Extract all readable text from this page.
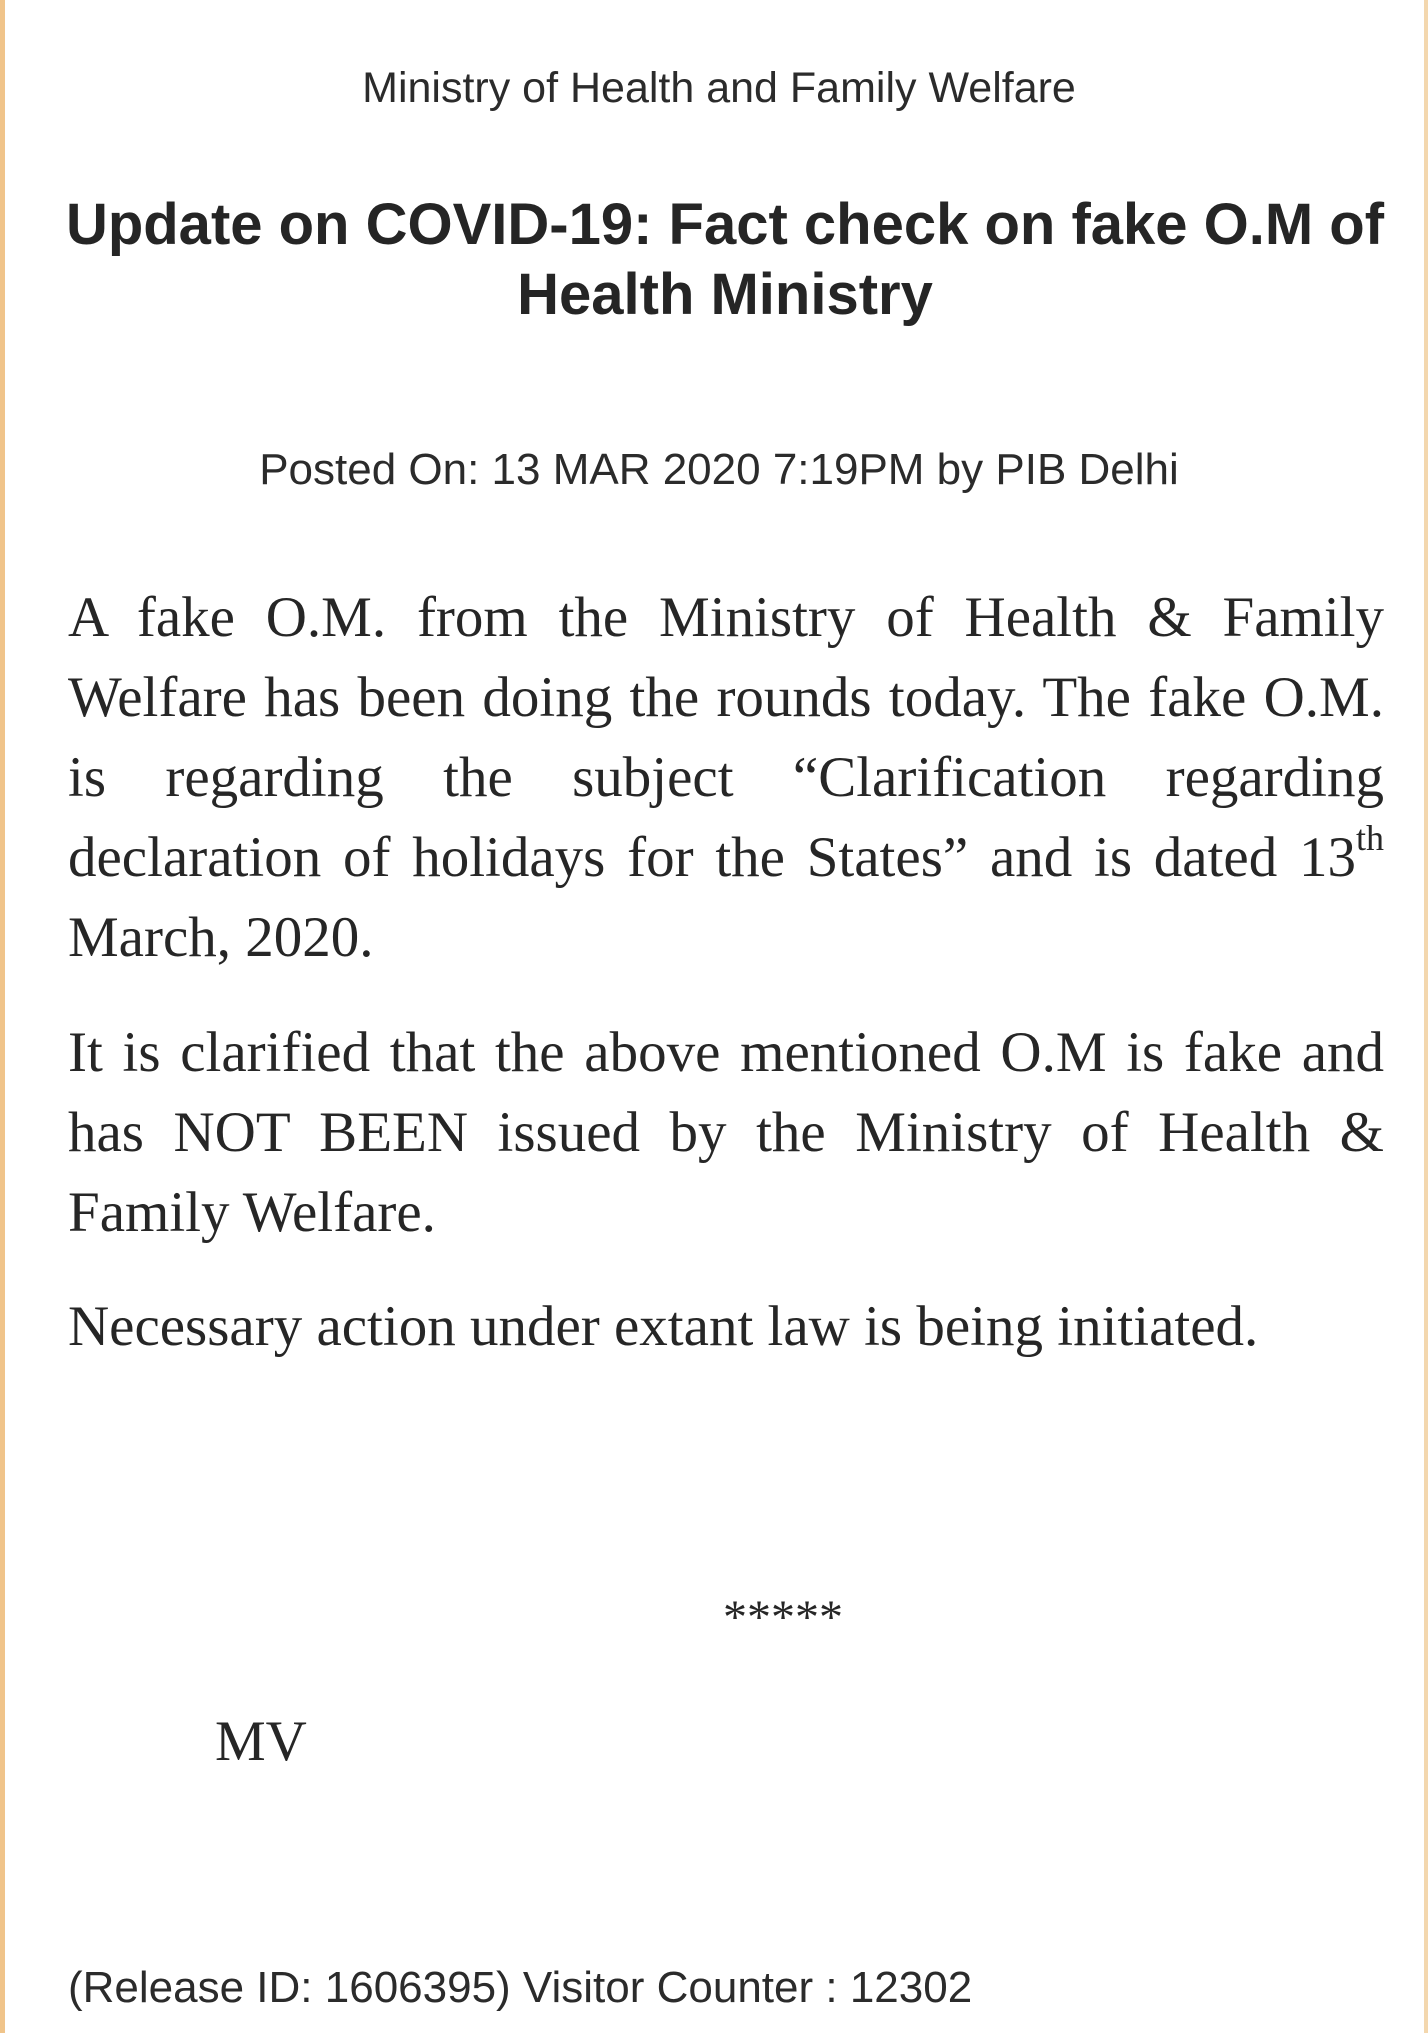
Ministry of Health and Family Welfare
Update on COVID-19: Fact check on fake O.M of Health Ministry
Posted On: 13 MAR 2020 7:19PM by PIB Delhi

A fake O.M. from the Ministry of Health & Family Welfare has been doing the rounds today. The fake O.M. is regarding the subject “Clarification regarding declaration of holidays for the States” and is dated 13th March, 2020.

It is clarified that the above mentioned O.M is fake and has NOT BEEN issued by the Ministry of Health & Family Welfare.

Necessary action under extant law is being initiated.

*****
MV
(Release ID: 1606395) Visitor Counter : 12302
